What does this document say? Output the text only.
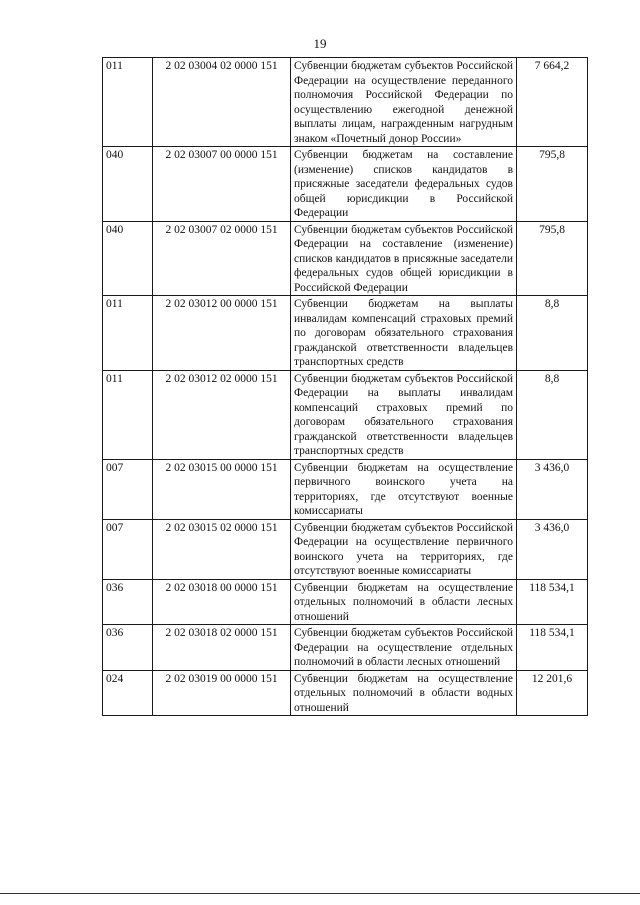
19
011	2 02 03004 02 0000 151	Субвенции бюджетам субъектов Российской Федерации на осуществление переданного полномочия Российской Федерации по осуществлению ежегодной денежной выплаты лицам, награжденным нагрудным знаком «Почетный донор России»	7 664,2
040	2 02 03007 00 0000 151	Субвенции бюджетам на составление (изменение) списков кандидатов в присяжные заседатели федеральных судов общей юрисдикции в Российской Федерации	795,8
040	2 02 03007 02 0000 151	Субвенции бюджетам субъектов Российской Федерации на составление (изменение) списков кандидатов в присяжные заседатели федеральных судов общей юрисдикции в Российской Федерации	795,8
011	2 02 03012 00 0000 151	Субвенции бюджетам на выплаты инвалидам компенсаций страховых премий по договорам обязательного страхования гражданской ответственности владельцев транспортных средств	8,8
011	2 02 03012 02 0000 151	Субвенции бюджетам субъектов Российской Федерации на выплаты инвалидам компенсаций страховых премий по договорам обязательного страхования гражданской ответственности владельцев транспортных средств	8,8
007	2 02 03015 00 0000 151	Субвенции бюджетам на осуществление первичного воинского учета на территориях, где отсутствуют военные комиссариаты	3 436,0
007	2 02 03015 02 0000 151	Субвенции бюджетам субъектов Российской Федерации на осуществление первичного воинского учета на территориях, где отсутствуют военные комиссариаты	3 436,0
036	2 02 03018 00 0000 151	Субвенции бюджетам на осуществление отдельных полномочий в области лесных отношений	118 534,1
036	2 02 03018 02 0000 151	Субвенции бюджетам субъектов Российской Федерации на осуществление отдельных полномочий в области лесных отношений	118 534,1
024	2 02 03019 00 0000 151	Субвенции бюджетам на осуществление отдельных полномочий в области водных отношений	12 201,6
